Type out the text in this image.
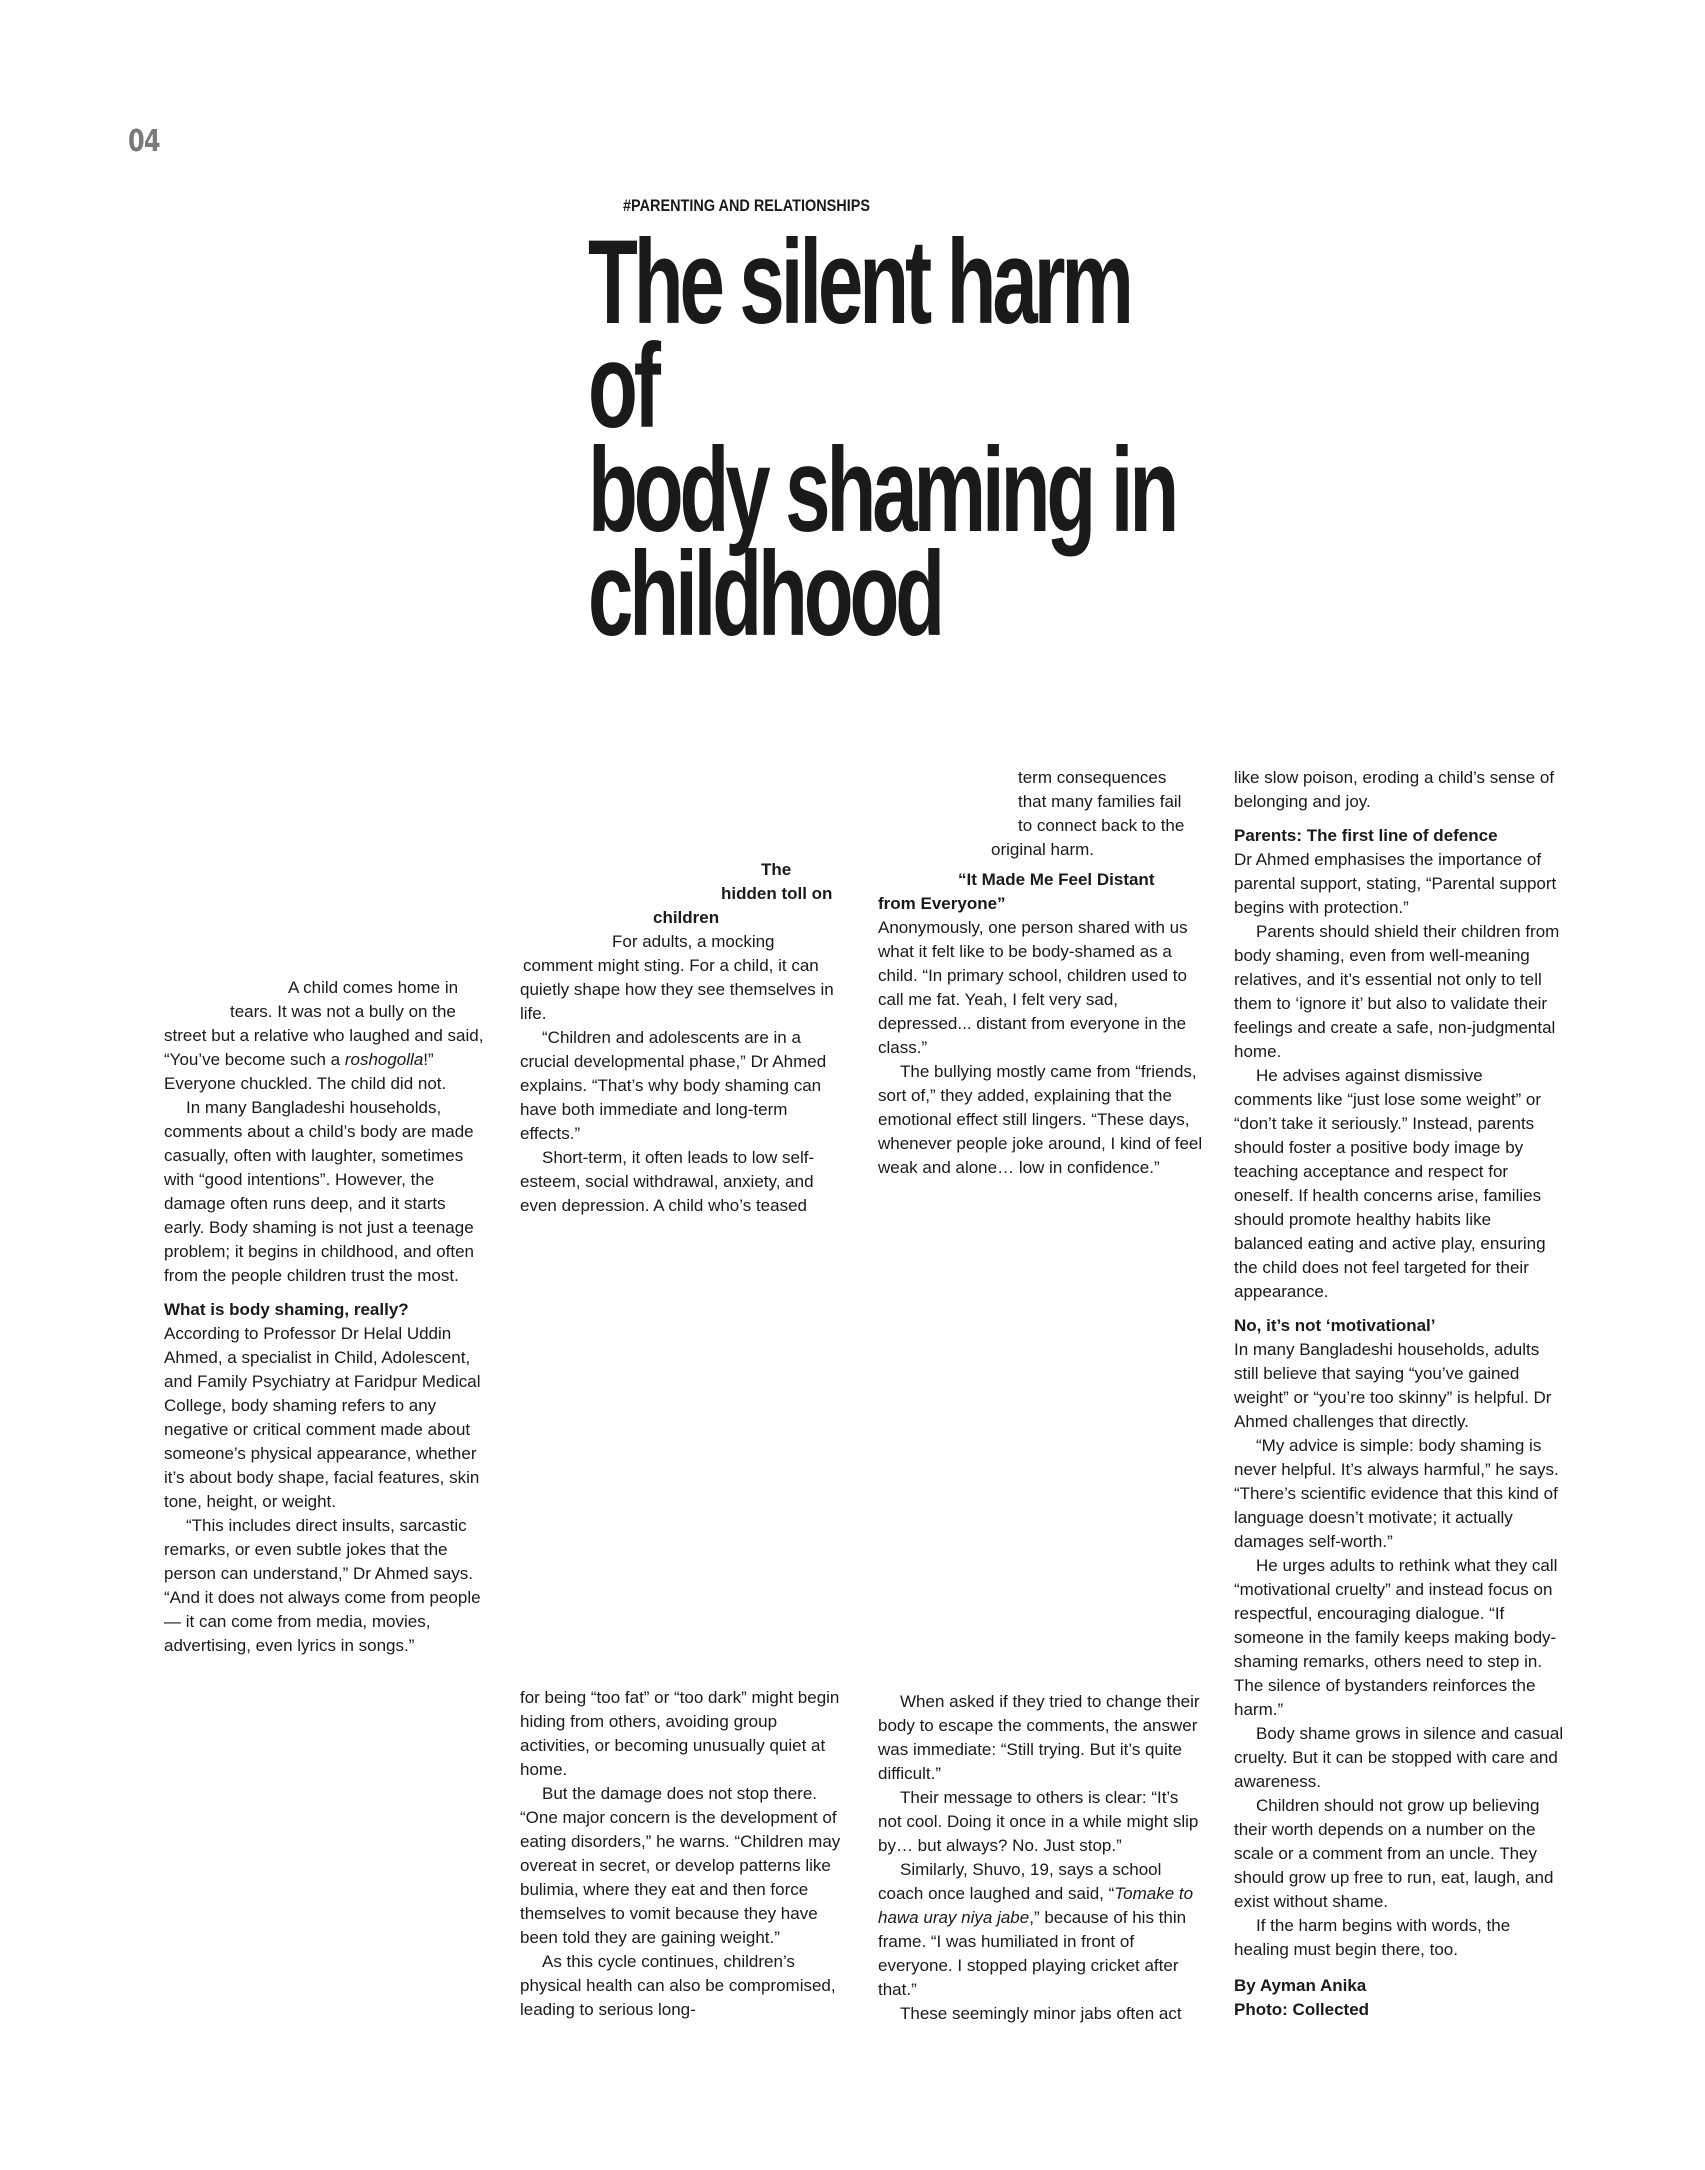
04
#PARENTING AND RELATIONSHIPS
The silent harm of
body shaming in
childhood

A child comes home in

tears. It was not a bully on the

street but a relative who laughed and said, “You’ve become such a roshogolla!” Everyone chuckled. The child did not.

In many Bangladeshi households, comments about a child’s body are made casually, often with laughter, sometimes with “good intentions”. However, the damage often runs deep, and it starts early. Body shaming is not just a teenage problem; it begins in childhood, and often from the people children trust the most.

What is body shaming, really?

According to Professor Dr Helal Uddin Ahmed, a specialist in Child, Adolescent, and Family Psychiatry at Faridpur Medical College, body shaming refers to any negative or critical comment made about someone’s physical appearance, whether it’s about body shape, facial features, skin tone, height, or weight.

“This includes direct insults, sarcastic remarks, or even subtle jokes that the person can understand,” Dr Ahmed says. “And it does not always come from people — it can come from media, movies, advertising, even lyrics in songs.”

The

hidden toll on

children

For adults, a mocking

comment might sting. For a child, it can

quietly shape how they see themselves in life.

“Children and adolescents are in a crucial developmental phase,” Dr Ahmed explains. “That’s why body shaming can have both immediate and long-term effects.”

Short-term, it often leads to low self-esteem, social withdrawal, anxiety, and even depression. A child who’s teased

for being “too fat” or “too dark” might begin hiding from others, avoiding group activities, or becoming unusually quiet at home.

But the damage does not stop there. “One major concern is the development of eating disorders,” he warns. “Children may overeat in secret, or develop patterns like bulimia, where they eat and then force themselves to vomit because they have been told they are gaining weight.”

As this cycle continues, children’s physical health can also be compromised, leading to serious long-

term consequences

that many families fail

to connect back to the

original harm.

“It Made Me Feel Distant

from Everyone”

Anonymously, one person shared with us what it felt like to be body-shamed as a child. “In primary school, children used to call me fat. Yeah, I felt very sad, depressed... distant from everyone in the class.”

The bullying mostly came from “friends, sort of,” they added, explaining that the emotional effect still lingers. “These days, whenever people joke around, I kind of feel weak and alone… low in confidence.”

When asked if they tried to change their body to escape the comments, the answer was immediate: “Still trying. But it’s quite difficult.”

Their message to others is clear: “It’s not cool. Doing it once in a while might slip by… but always? No. Just stop.”

Similarly, Shuvo, 19, says a school coach once laughed and said, “Tomake to hawa uray niya jabe,” because of his thin frame. “I was humiliated in front of everyone. I stopped playing cricket after that.”

These seemingly minor jabs often act

like slow poison, eroding a child’s sense of belonging and joy.

Parents: The first line of defence

Dr Ahmed emphasises the importance of parental support, stating, “Parental support begins with protection.”

Parents should shield their children from body shaming, even from well-meaning relatives, and it’s essential not only to tell them to ‘ignore it’ but also to validate their feelings and create a safe, non-judgmental home.

He advises against dismissive comments like “just lose some weight” or “don’t take it seriously.” Instead, parents should foster a positive body image by teaching acceptance and respect for oneself. If health concerns arise, families should promote healthy habits like balanced eating and active play, ensuring the child does not feel targeted for their appearance.

No, it’s not ‘motivational’

In many Bangladeshi households, adults still believe that saying “you’ve gained weight” or “you’re too skinny” is helpful. Dr Ahmed challenges that directly.

“My advice is simple: body shaming is never helpful. It’s always harmful,” he says. “There’s scientific evidence that this kind of language doesn’t motivate; it actually damages self-worth.”

He urges adults to rethink what they call “motivational cruelty” and instead focus on respectful, encouraging dialogue. “If someone in the family keeps making body-shaming remarks, others need to step in. The silence of bystanders reinforces the harm.”

Body shame grows in silence and casual cruelty. But it can be stopped with care and awareness.

Children should not grow up believing their worth depends on a number on the scale or a comment from an uncle. They should grow up free to run, eat, laugh, and exist without shame.

If the harm begins with words, the healing must begin there, too.

By Ayman Anika

Photo: Collected
